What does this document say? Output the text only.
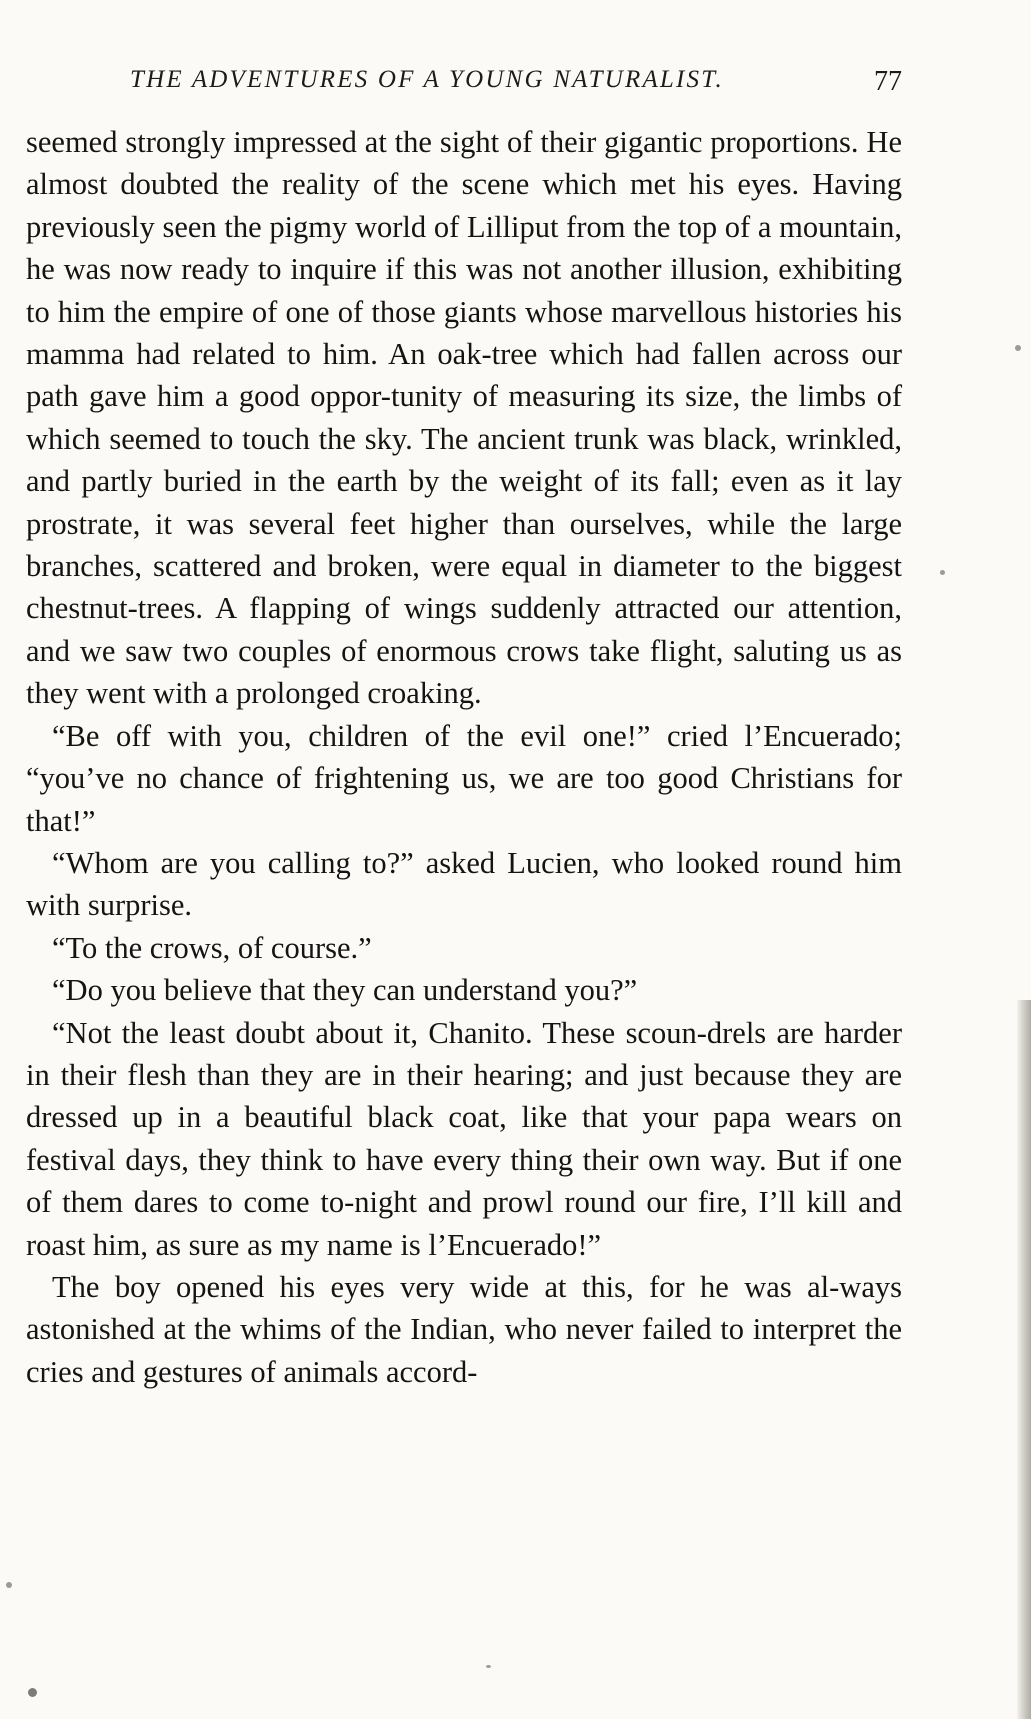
THE ADVENTURES OF A YOUNG NATURALIST.	77

seemed strongly impressed at the sight of their gigantic proportions. He almost doubted the reality of the scene which met his eyes. Having previously seen the pigmy world of Lilliput from the top of a mountain, he was now ready to inquire if this was not another illusion, exhibiting to him the empire of one of those giants whose marvellous histories his mamma had related to him. An oak-tree which had fallen across our path gave him a good oppor-tunity of measuring its size, the limbs of which seemed to touch the sky. The ancient trunk was black, wrinkled, and partly buried in the earth by the weight of its fall; even as it lay prostrate, it was several feet higher than ourselves, while the large branches, scattered and broken, were equal in diameter to the biggest chestnut-trees. A flapping of wings suddenly attracted our attention, and we saw two couples of enormous crows take flight, saluting us as they went with a prolonged croaking.

“Be off with you, children of the evil one!” cried l’Encuerado; “you’ve no chance of frightening us, we are too good Christians for that!”

“Whom are you calling to?” asked Lucien, who looked round him with surprise.

“To the crows, of course.”

“Do you believe that they can understand you?”

“Not the least doubt about it, Chanito. These scoun-drels are harder in their flesh than they are in their hearing; and just because they are dressed up in a beautiful black coat, like that your papa wears on festival days, they think to have every thing their own way. But if one of them dares to come to-night and prowl round our fire, I’ll kill and roast him, as sure as my name is l’Encuerado!”

The boy opened his eyes very wide at this, for he was al-ways astonished at the whims of the Indian, who never failed to interpret the cries and gestures of animals accord-
